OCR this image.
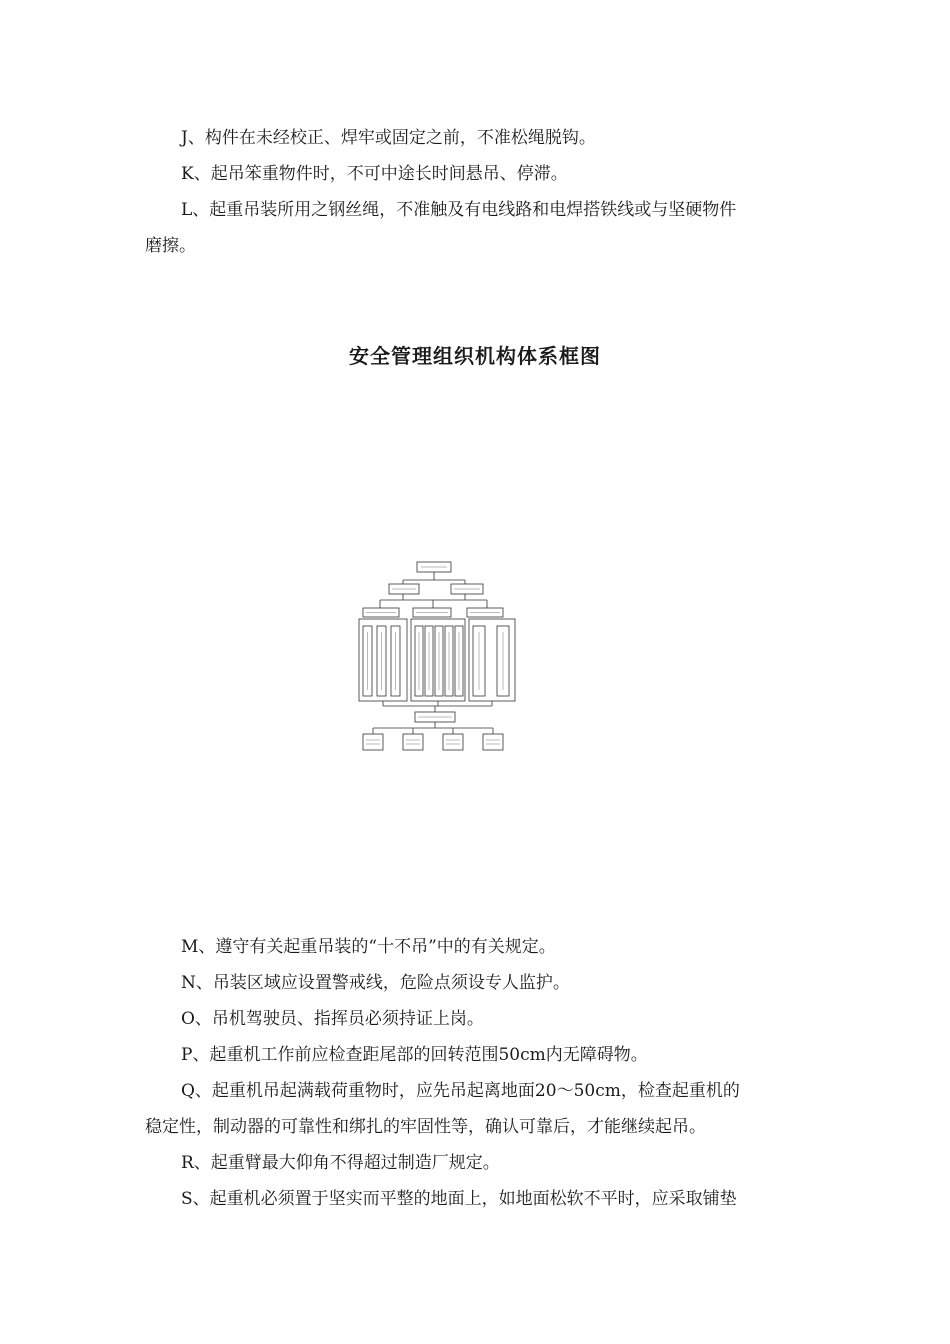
J、构件在未经校正、焊牢或固定之前，不准松绳脱钩。
K、起吊笨重物件时，不可中途长时间悬吊、停滞。
L、起重吊装所用之钢丝绳，不准触及有电线路和电焊搭铁线或与坚硬物件
磨擦。
安全管理组织机构体系框图
M、遵守有关起重吊装的“十不吊”中的有关规定。
N、吊装区域应设置警戒线，危险点须设专人监护。
O、吊机驾驶员、指挥员必须持证上岗。
P、起重机工作前应检查距尾部的回转范围50cm内无障碍物。
Q、起重机吊起满载荷重物时，应先吊起离地面20～50cm，检查起重机的
稳定性，制动器的可靠性和绑扎的牢固性等，确认可靠后，才能继续起吊。
R、起重臂最大仰角不得超过制造厂规定。
S、起重机必须置于坚实而平整的地面上，如地面松软不平时，应采取铺垫
